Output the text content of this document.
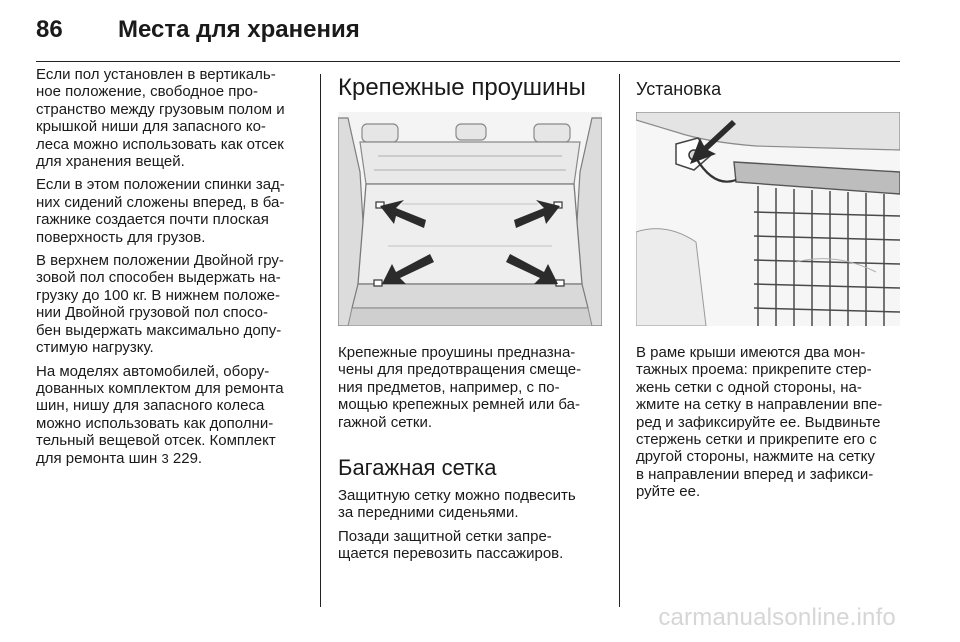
86 Места для хранения

Если пол установлен в вертикаль-
ное положение, свободное про-
странство между грузовым полом и
крышкой ниши для запасного ко-
леса можно использовать как отсек
для хранения вещей.

Если в этом положении спинки зад-
них сидений сложены вперед, в ба-
гажнике создается почти плоская
поверхность для грузов.

В верхнем положении Двойной гру-
зовой пол способен выдержать на-
грузку до 100 кг. В нижнем положе-
нии Двойной грузовой пол спосо-
бен выдержать максимально допу-
стимую нагрузку.

На моделях автомобилей, обору-
дованных комплектом для ремонта
шин, нишу для запасного колеса
можно использовать как дополни-
тельный вещевой отсек. Комплект
для ремонта шин 3 229.

Крепежные проушины

Крепежные проушины предназна-
чены для предотвращения смеще-
ния предметов, например, с по-
мощью крепежных ремней или ба-
гажной сетки.

Багажная сетка

Защитную сетку можно подвесить
за передними сиденьями.

Позади защитной сетки запре-
щается перевозить пассажиров.

Установка

В раме крыши имеются два мон-
тажных проема: прикрепите стер-
жень сетки с одной стороны, на-
жмите на сетку в направлении впе-
ред и зафиксируйте ее. Выдвиньте
стержень сетки и прикрепите его с
другой стороны, нажмите на сетку
в направлении вперед и зафикси-
руйте ее.

carmanualsonline.info
